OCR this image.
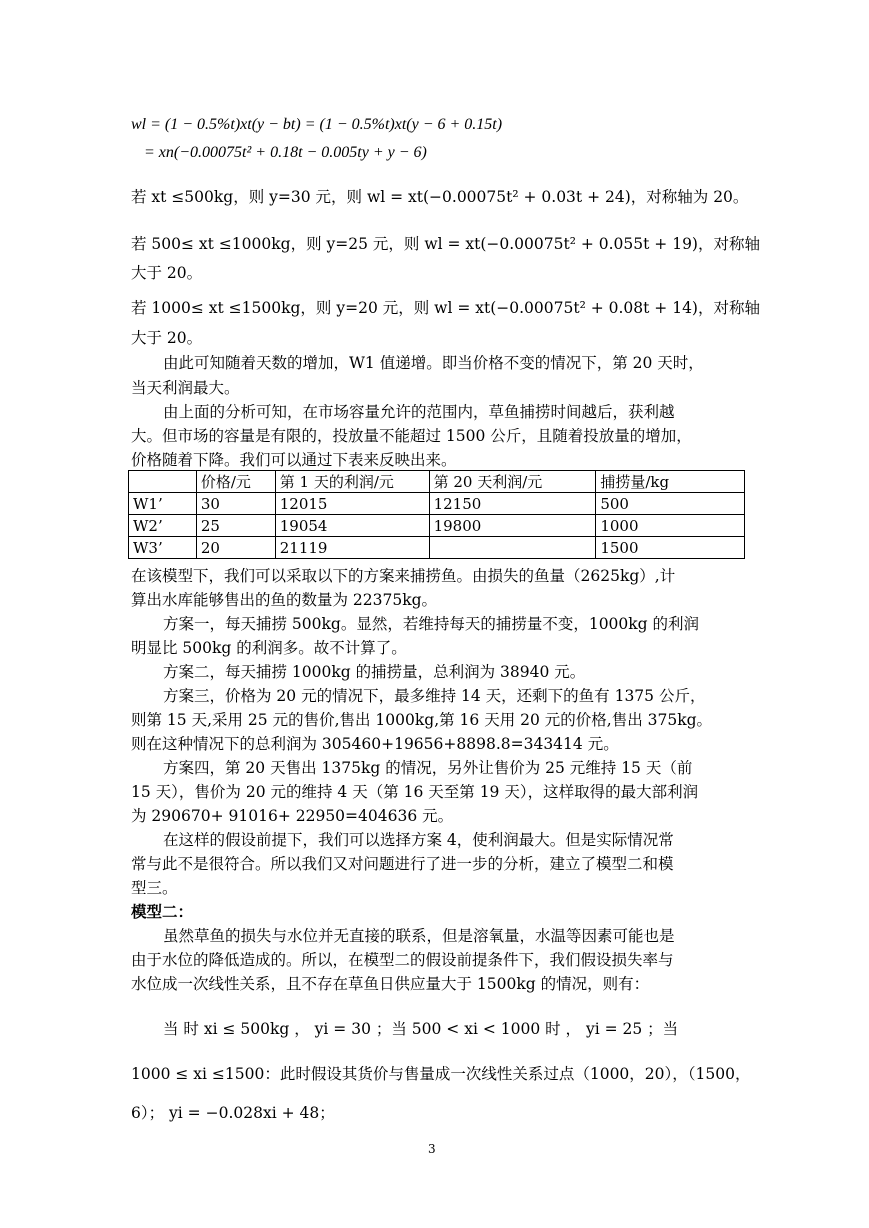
wl = (1 − 0.5%t)xt(y − bt) = (1 − 0.5%t)xt(y − 6 + 0.15t)
= xn(−0.00075t² + 0.18t − 0.005ty + y − 6)
若 xt ≤500kg，则 y=30 元，则 wl = xt(−0.00075t² + 0.03t + 24)，对称轴为 20。
若 500≤ xt ≤1000kg，则 y=25 元，则 wl = xt(−0.00075t² + 0.055t + 19)，对称轴
大于 20。
若 1000≤ xt ≤1500kg，则 y=20 元，则 wl = xt(−0.00075t² + 0.08t + 14)，对称轴
大于 20。
由此可知随着天数的增加，W1 值递增。即当价格不变的情况下，第 20 天时，
当天利润最大。
由上面的分析可知，在市场容量允许的范围内，草鱼捕捞时间越后，获利越
大。但市场的容量是有限的，投放量不能超过 1500 公斤，且随着投放量的增加，
价格随着下降。我们可以通过下表来反映出来。
	价格/元	第 1 天的利润/元	第 20 天利润/元	捕捞量/kg
W1’	30	12015	12150	500
W2’	25	19054	19800	1000
W3’	20	21119		1500
在该模型下，我们可以采取以下的方案来捕捞鱼。由损失的鱼量（2625kg）,计
算出水库能够售出的鱼的数量为 22375kg。
方案一，每天捕捞 500kg。显然，若维持每天的捕捞量不变，1000kg 的利润
明显比 500kg 的利润多。故不计算了。
方案二，每天捕捞 1000kg 的捕捞量，总利润为 38940 元。
方案三，价格为 20 元的情况下，最多维持 14 天，还剩下的鱼有 1375 公斤，
则第 15 天,采用 25 元的售价,售出 1000kg,第 16 天用 20 元的价格,售出 375kg。
则在这种情况下的总利润为 305460+19656+8898.8=343414 元。
方案四，第 20 天售出 1375kg 的情况，另外让售价为 25 元维持 15 天（前
15 天），售价为 20 元的维持 4 天（第 16 天至第 19 天），这样取得的最大部利润
为 290670+ 91016+ 22950=404636 元。
在这样的假设前提下，我们可以选择方案 4，使利润最大。但是实际情况常
常与此不是很符合。所以我们又对问题进行了进一步的分析，建立了模型二和模
型三。
模型二：
虽然草鱼的损失与水位并无直接的联系，但是溶氧量，水温等因素可能也是
由于水位的降低造成的。所以，在模型二的假设前提条件下，我们假设损失率与
水位成一次线性关系，且不存在草鱼日供应量大于 1500kg 的情况，则有：
当 时 xi ≤ 500kg ， yi = 30 ；当 500 < xi < 1000 时 ， yi = 25 ；当
1000 ≤ xi ≤1500：此时假设其货价与售量成一次线性关系过点（1000，20），（1500，
6）； yi = −0.028xi + 48；
3
